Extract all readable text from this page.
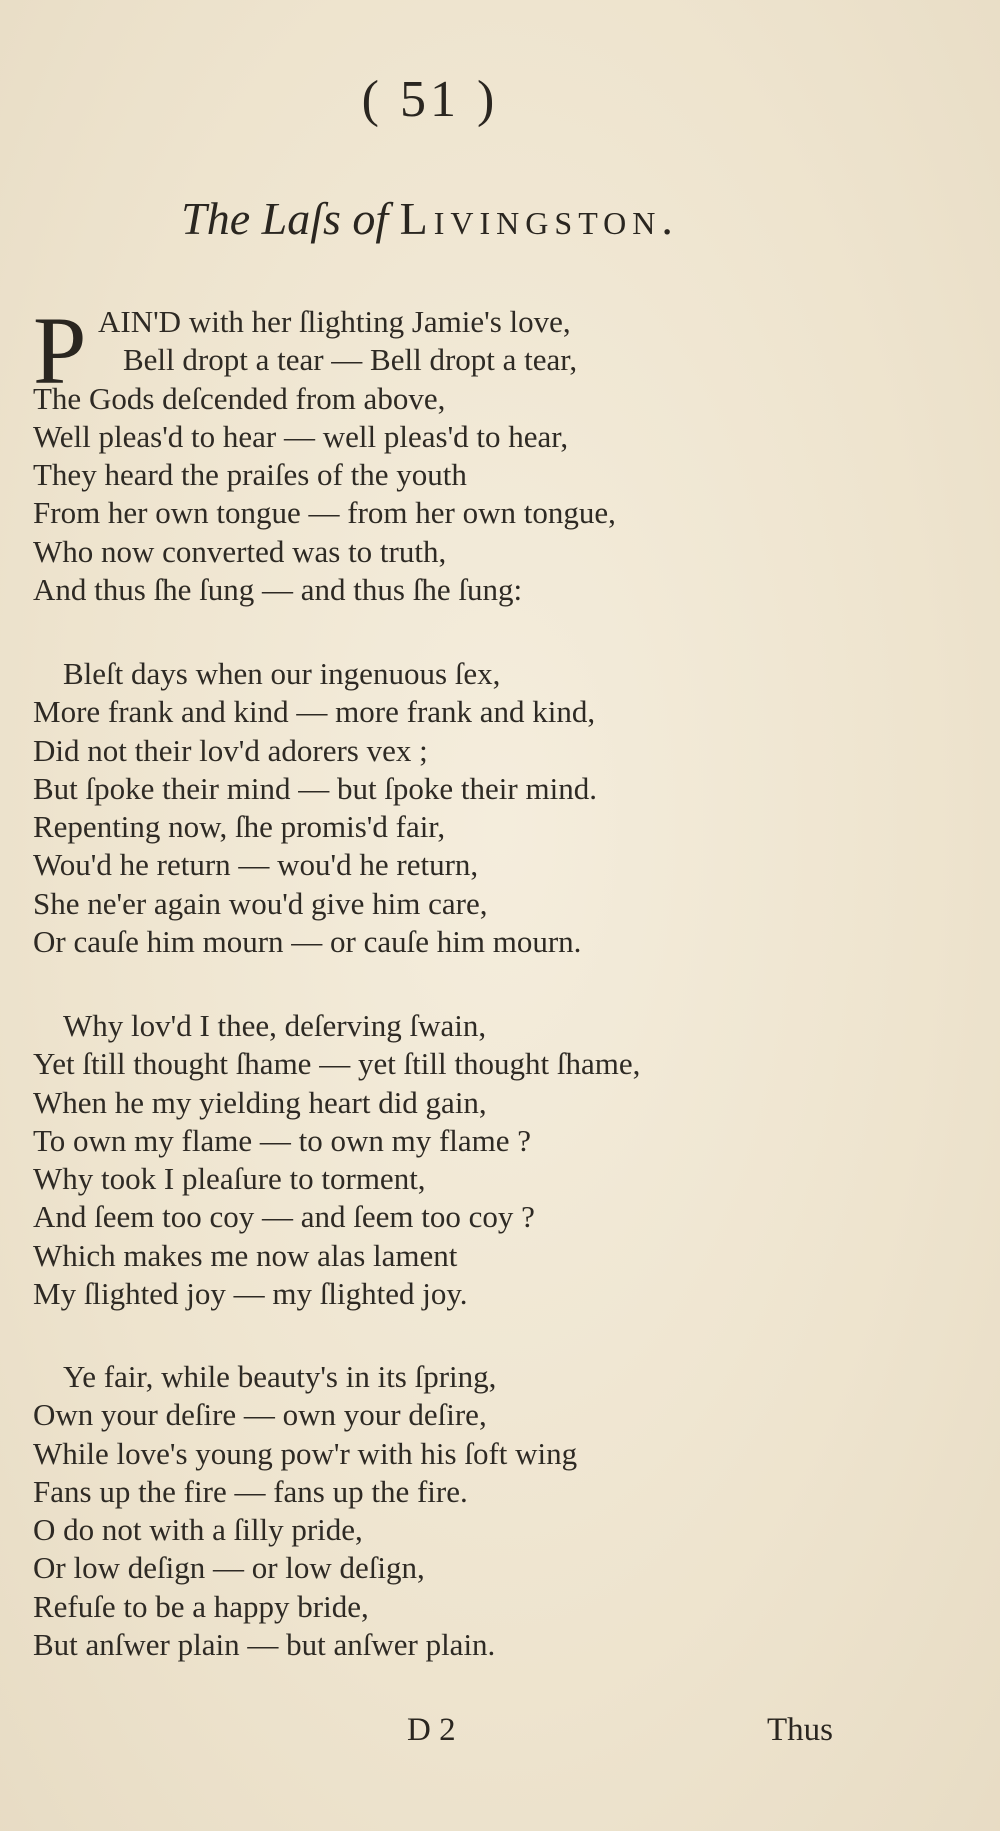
( 51 )
The Laſs of Livingston.
P AIN'D with her ſlighting Jamie's love,
Bell dropt a tear — Bell dropt a tear,
The Gods deſcended from above,
Well pleas'd to hear — well pleas'd to hear,
They heard the praiſes of the youth
From her own tongue — from her own tongue,
Who now converted was to truth,
And thus ſhe ſung — and thus ſhe ſung:
Bleſt days when our ingenuous ſex,
More frank and kind — more frank and kind,
Did not their lov'd adorers vex ;
But ſpoke their mind — but ſpoke their mind.
Repenting now, ſhe promis'd fair,
Wou'd he return — wou'd he return,
She ne'er again wou'd give him care,
Or cauſe him mourn — or cauſe him mourn.
Why lov'd I thee, deſerving ſwain,
Yet ſtill thought ſhame — yet ſtill thought ſhame,
When he my yielding heart did gain,
To own my flame — to own my flame ?
Why took I pleaſure to torment,
And ſeem too coy — and ſeem too coy ?
Which makes me now alas lament
My ſlighted joy — my ſlighted joy.
Ye fair, while beauty's in its ſpring,
Own your deſire — own your deſire,
While love's young pow'r with his ſoft wing
Fans up the fire — fans up the fire.
O do not with a ſilly pride,
Or low deſign — or low deſign,
Refuſe to be a happy bride,
But anſwer plain — but anſwer plain.
D 2	Thus
